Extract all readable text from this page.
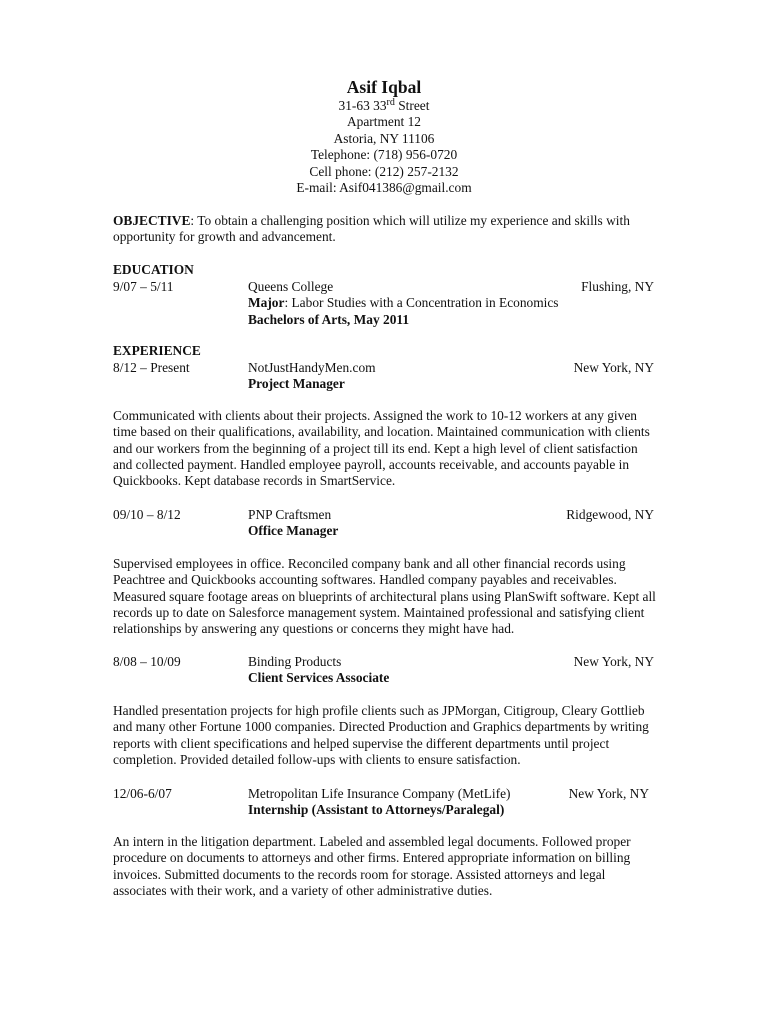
Asif Iqbal
31-63 33rd Street
Apartment 12
Astoria, NY 11106
Telephone: (718) 956-0720
Cell phone: (212) 257-2132
E-mail: Asif041386@gmail.com
OBJECTIVE: To obtain a challenging position which will utilize my experience and skills with opportunity for growth and advancement.
EDUCATION
9/07 – 5/11	Queens College	Flushing, NY
Major: Labor Studies with a Concentration in Economics
Bachelors of Arts, May 2011
EXPERIENCE
8/12 – Present	NotJustHandyMen.com	New York, NY
Project Manager
Communicated with clients about their projects. Assigned the work to 10-12 workers at any given time based on their qualifications, availability, and location. Maintained communication with clients and our workers from the beginning of a project till its end. Kept a high level of client satisfaction and collected payment. Handled employee payroll, accounts receivable, and accounts payable in Quickbooks. Kept database records in SmartService.
09/10 – 8/12	PNP Craftsmen	Ridgewood, NY
Office Manager
Supervised employees in office. Reconciled company bank and all other financial records using Peachtree and Quickbooks accounting softwares. Handled company payables and receivables. Measured square footage areas on blueprints of architectural plans using PlanSwift software. Kept all records up to date on Salesforce management system. Maintained professional and satisfying client relationships by answering any questions or concerns they might have had.
8/08 – 10/09	Binding Products	New York, NY
Client Services Associate
Handled presentation projects for high profile clients such as JPMorgan, Citigroup, Cleary Gottlieb and many other Fortune 1000 companies. Directed Production and Graphics departments by writing reports with client specifications and helped supervise the different departments until project completion. Provided detailed follow-ups with clients to ensure satisfaction.
12/06-6/07	Metropolitan Life Insurance Company (MetLife)	New York, NY
Internship (Assistant to Attorneys/Paralegal)
An intern in the litigation department. Labeled and assembled legal documents. Followed proper procedure on documents to attorneys and other firms. Entered appropriate information on billing invoices. Submitted documents to the records room for storage. Assisted attorneys and legal associates with their work, and a variety of other administrative duties.
